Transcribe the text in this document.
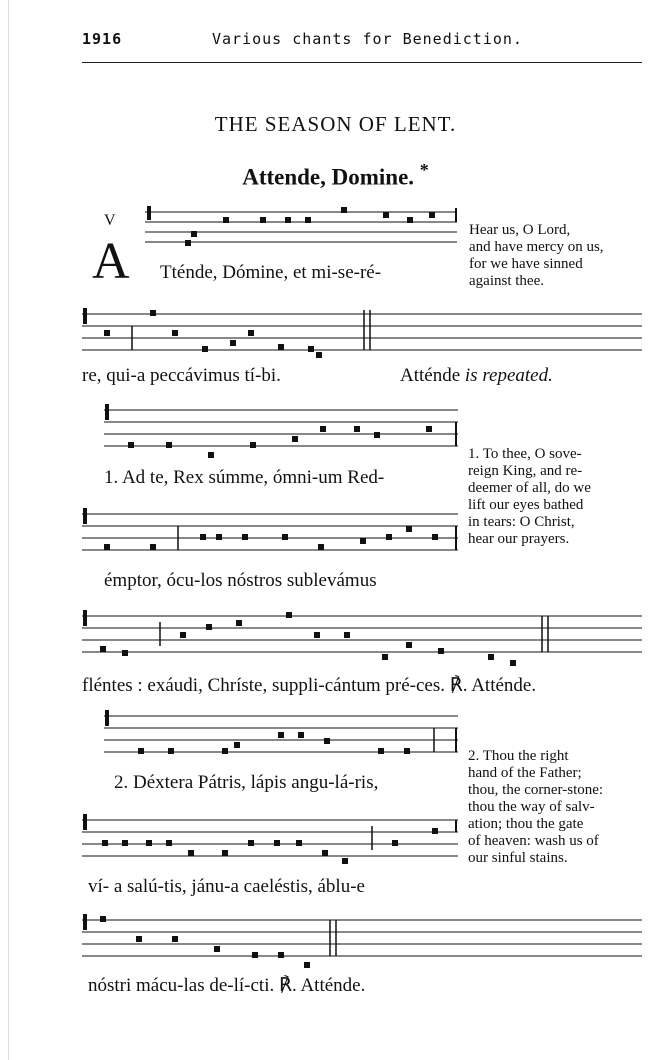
1916	Various chants for Benediction.
THE SEASON OF LENT.
Attende, Domine. *
V
A Tténde, Dómine, et mi-se-ré-
Hear us, O Lord,
and have mercy on us,
for we have sinned
against thee.
re, qui-a peccávimus tí-bi.	Atténde is repeated.
1. Ad te, Rex súmme, ómni-um Red-
émptor, ócu-los nóstros sublevámus
1. To thee, O sove-
reign King, and re-
deemer of all, do we
lift our eyes bathed
in tears: O Christ,
hear our prayers.
fléntes : exáudi, Chríste, suppli-cántum pré-ces. ℟. Atténde.
2. Déxtera Pátris, lápis angu-lá-ris,
ví- a salú-tis, jánu-a caeléstis, áblu-e
2. Thou the right
hand of the Father;
thou, the corner-stone:
thou the way of salv-
ation; thou the gate
of heaven: wash us of
our sinful stains.
nóstri mácu-las de-lí-cti. ℟. Atténde.
